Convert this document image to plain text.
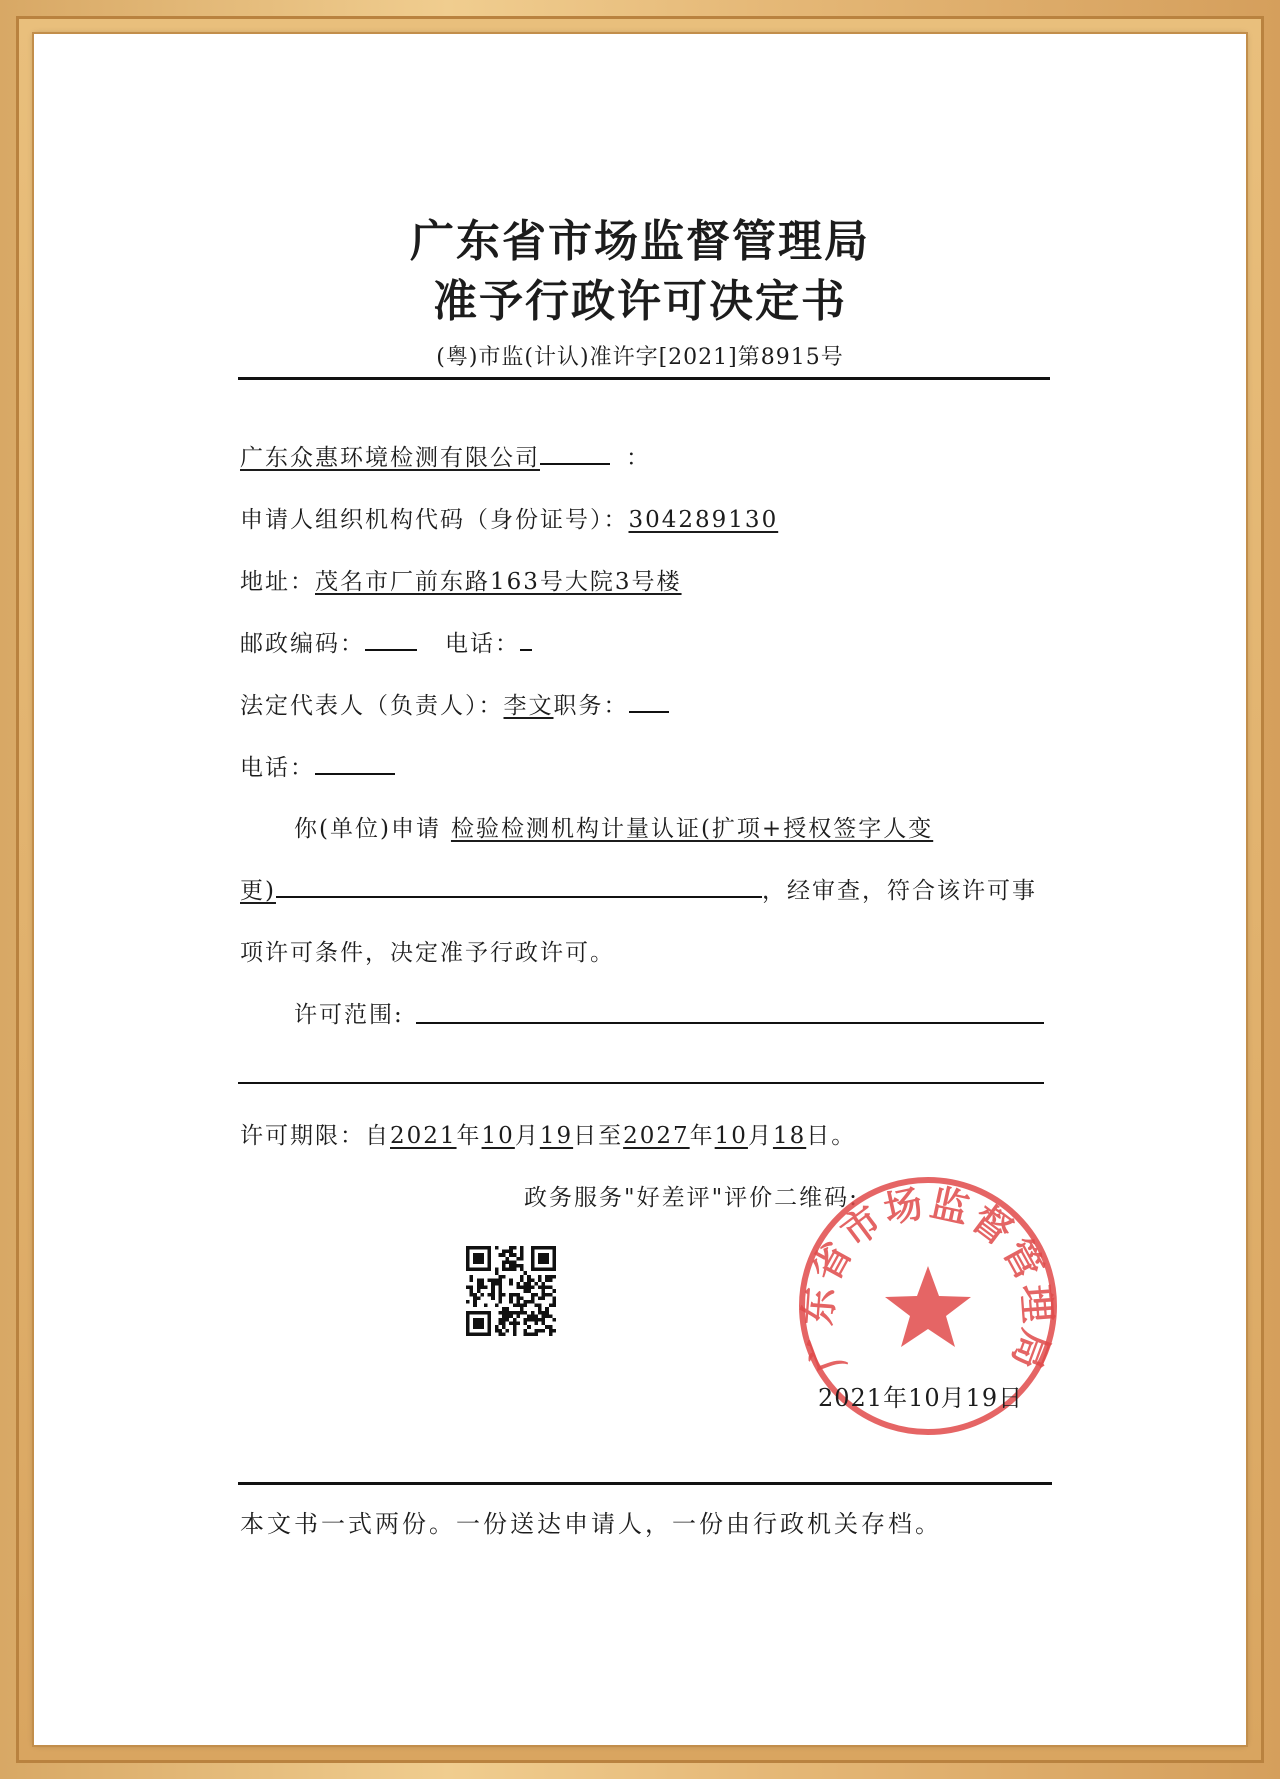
广东省市场监督管理局
准予行政许可决定书
(粤)市监(计认)准许字[2021]第8915号
广东众惠环境检测有限公司	：
申请人组织机构代码（身份证号）：304289130
地址：茂名市厂前东路163号大院3号楼
邮政编码：	电话：
法定代表人（负责人）：李文职务：
电话：
你(单位)申请 检验检测机构计量认证(扩项+授权签字人变
更)	，经审查，符合该许可事
项许可条件，决定准予行政许可。
许可范围:
许可期限：自2021年10月19日至2027年10月18日。
政务服务"好差评"评价二维码:
广东省市场监督管理局
2021年10月19日
本文书一式两份。一份送达申请人，一份由行政机关存档。
